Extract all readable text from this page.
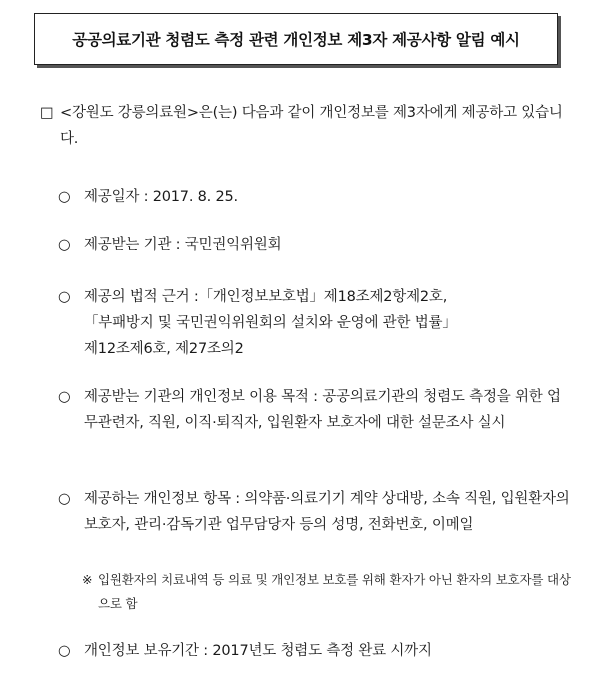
공공의료기관 청렴도 측정 관련 개인정보 제3자 제공사항 알림 예시
□ <강원도 강릉의료원>은(는) 다음과 같이 개인정보를 제3자에게 제공하고 있습니다.
○ 제공일자 : 2017. 8. 25.
○ 제공받는 기관 : 국민권익위원회
○ 제공의 법적 근거 :「개인정보보호법」제18조제2항제2호,
「부패방지 및 국민권익위원회의 설치와 운영에 관한 법률」
제12조제6호, 제27조의2
○ 제공받는 기관의 개인정보 이용 목적 : 공공의료기관의 청렴도 측정을 위한 업무관련자, 직원, 이직·퇴직자, 입원환자 보호자에 대한 설문조사 실시
○ 제공하는 개인정보 항목 : 의약품·의료기기 계약 상대방, 소속 직원, 입원환자의 보호자, 관리·감독기관 업무담당자 등의 성명, 전화번호, 이메일
※ 입원환자의 치료내역 등 의료 및 개인정보 보호를 위해 환자가 아닌 환자의 보호자를 대상으로 함
○ 개인정보 보유기간 : 2017년도 청렴도 측정 완료 시까지
